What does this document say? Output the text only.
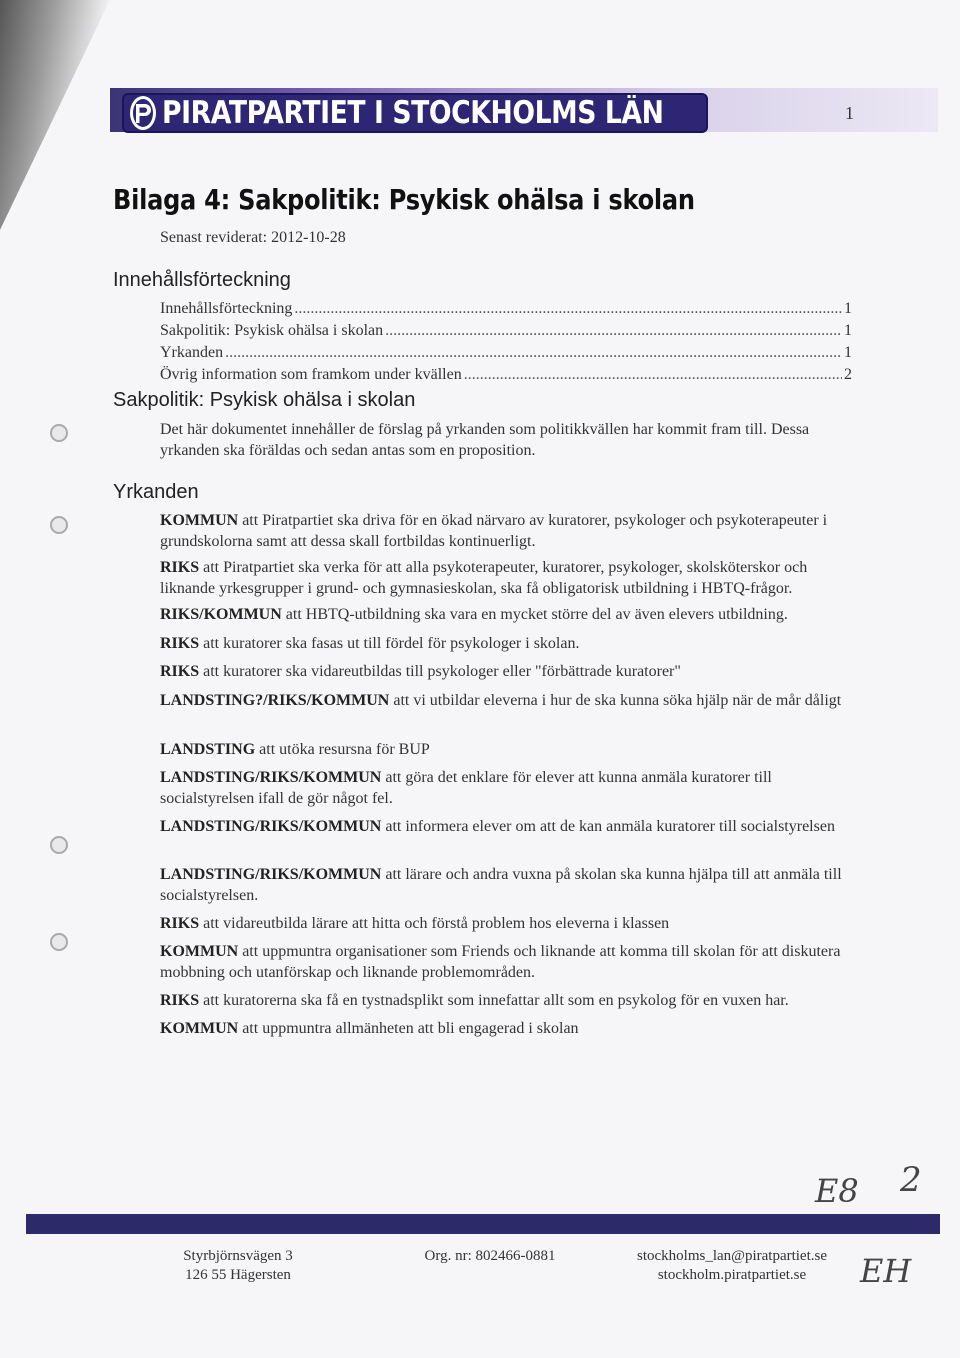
PIRATPARTIET I STOCKHOLMS LÄN	1
Bilaga 4: Sakpolitik: Psykisk ohälsa i skolan
Senast reviderat: 2012-10-28
Innehållsförteckning
Innehållsförteckning .....	1
Sakpolitik: Psykisk ohälsa i skolan .....	1
Yrkanden .....	1
Övrig information som framkom under kvällen .....	2
Sakpolitik: Psykisk ohälsa i skolan
Det här dokumentet innehåller de förslag på yrkanden som politikkvällen har kommit fram till. Dessa yrkanden ska föräldas och sedan antas som en proposition.
Yrkanden
KOMMUN att Piratpartiet ska driva för en ökad närvaro av kuratorer, psykologer och psykoterapeuter i grundskolorna samt att dessa skall fortbildas kontinuerligt.
RIKS att Piratpartiet ska verka för att alla psykoterapeuter, kuratorer, psykologer, skolsköterskor och liknande yrkesgrupper i grund- och gymnasieskolan, ska få obligatorisk utbildning i HBTQ-frågor.
RIKS/KOMMUN att HBTQ-utbildning ska vara en mycket större del av även elevers utbildning.
RIKS att kuratorer ska fasas ut till fördel för psykologer i skolan.
RIKS att kuratorer ska vidareutbildas till psykologer eller "förbättrade kuratorer"
LANDSTING?/RIKS/KOMMUN att vi utbildar eleverna i hur de ska kunna söka hjälp när de mår dåligt
LANDSTING att utöka resursna för BUP
LANDSTING/RIKS/KOMMUN att göra det enklare för elever att kunna anmäla kuratorer till socialstyrelsen ifall de gör något fel.
LANDSTING/RIKS/KOMMUN att informera elever om att de kan anmäla kuratorer till socialstyrelsen
LANDSTING/RIKS/KOMMUN att lärare och andra vuxna på skolan ska kunna hjälpa till att anmäla till socialstyrelsen.
RIKS att vidareutbilda lärare att hitta och förstå problem hos eleverna i klassen
KOMMUN att uppmuntra organisationer som Friends och liknande att komma till skolan för att diskutera mobbning och utanförskap och liknande problemområden.
RIKS att kuratorerna ska få en tystnadsplikt som innefattar allt som en psykolog för en vuxen har.
KOMMUN att uppmuntra allmänheten att bli engagerad i skolan
E8 2
EH
Styrbjörnsvägen 3
126 55 Hägersten
Org. nr: 802466-0881	stockholms_lan@piratpartiet.se
stockholm.piratpartiet.se
